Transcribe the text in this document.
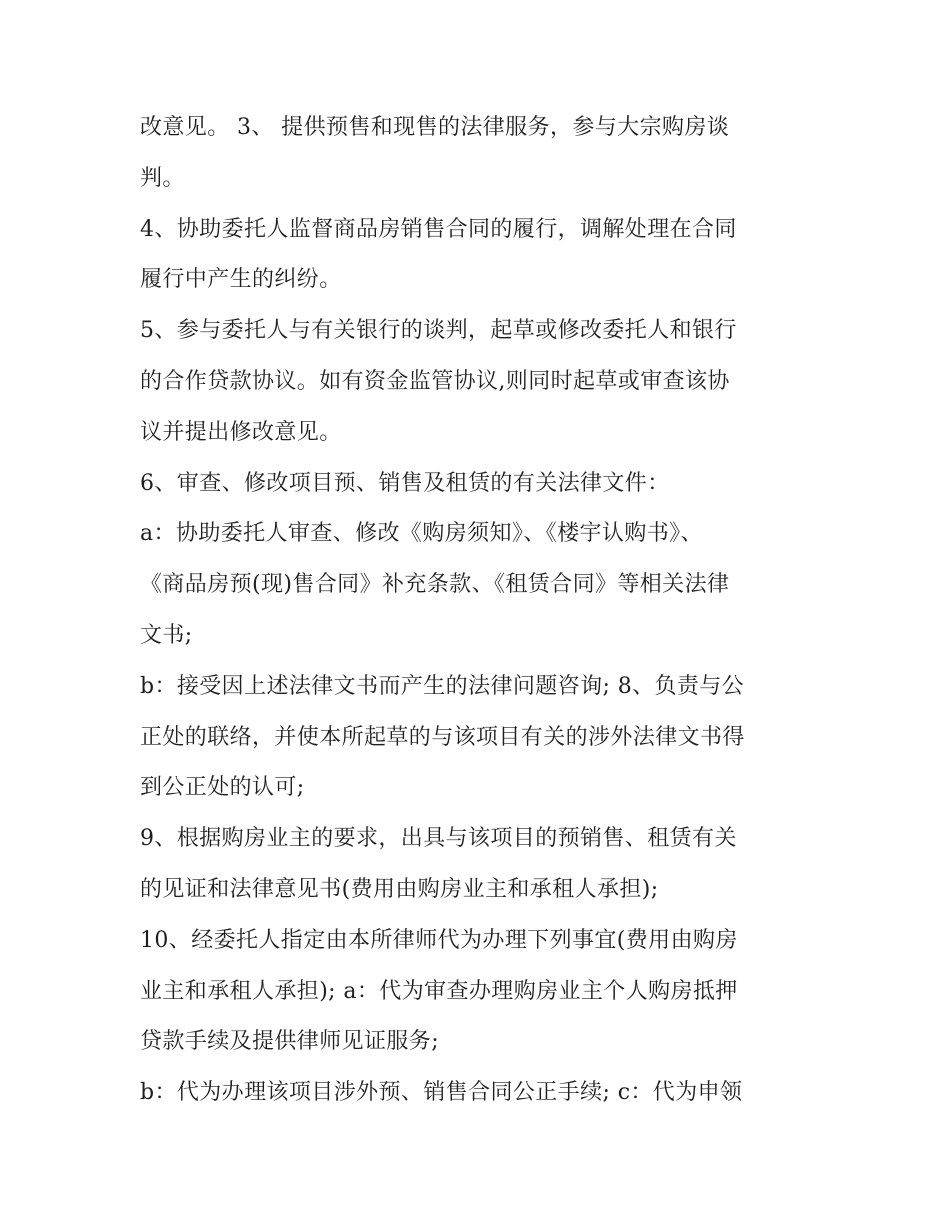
改意见。 3、 提供预售和现售的法律服务，参与大宗购房谈
判。
4、协助委托人监督商品房销售合同的履行，调解处理在合同
履行中产生的纠纷。
5、参与委托人与有关银行的谈判，起草或修改委托人和银行
的合作贷款协议。如有资金监管协议,则同时起草或审查该协
议并提出修改意见。
6、审查、修改项目预、销售及租赁的有关法律文件：
a：协助委托人审查、修改《购房须知》、《楼宇认购书》、
《商品房预(现)售合同》补充条款、《租赁合同》等相关法律
文书;
b：接受因上述法律文书而产生的法律问题咨询; 8、负责与公
正处的联络，并使本所起草的与该项目有关的涉外法律文书得
到公正处的认可;
9、根据购房业主的要求，出具与该项目的预销售、租赁有关
的见证和法律意见书(费用由购房业主和承租人承担);
10、经委托人指定由本所律师代为办理下列事宜(费用由购房
业主和承租人承担); a：代为审查办理购房业主个人购房抵押
贷款手续及提供律师见证服务;
b：代为办理该项目涉外预、销售合同公正手续; c：代为申领
